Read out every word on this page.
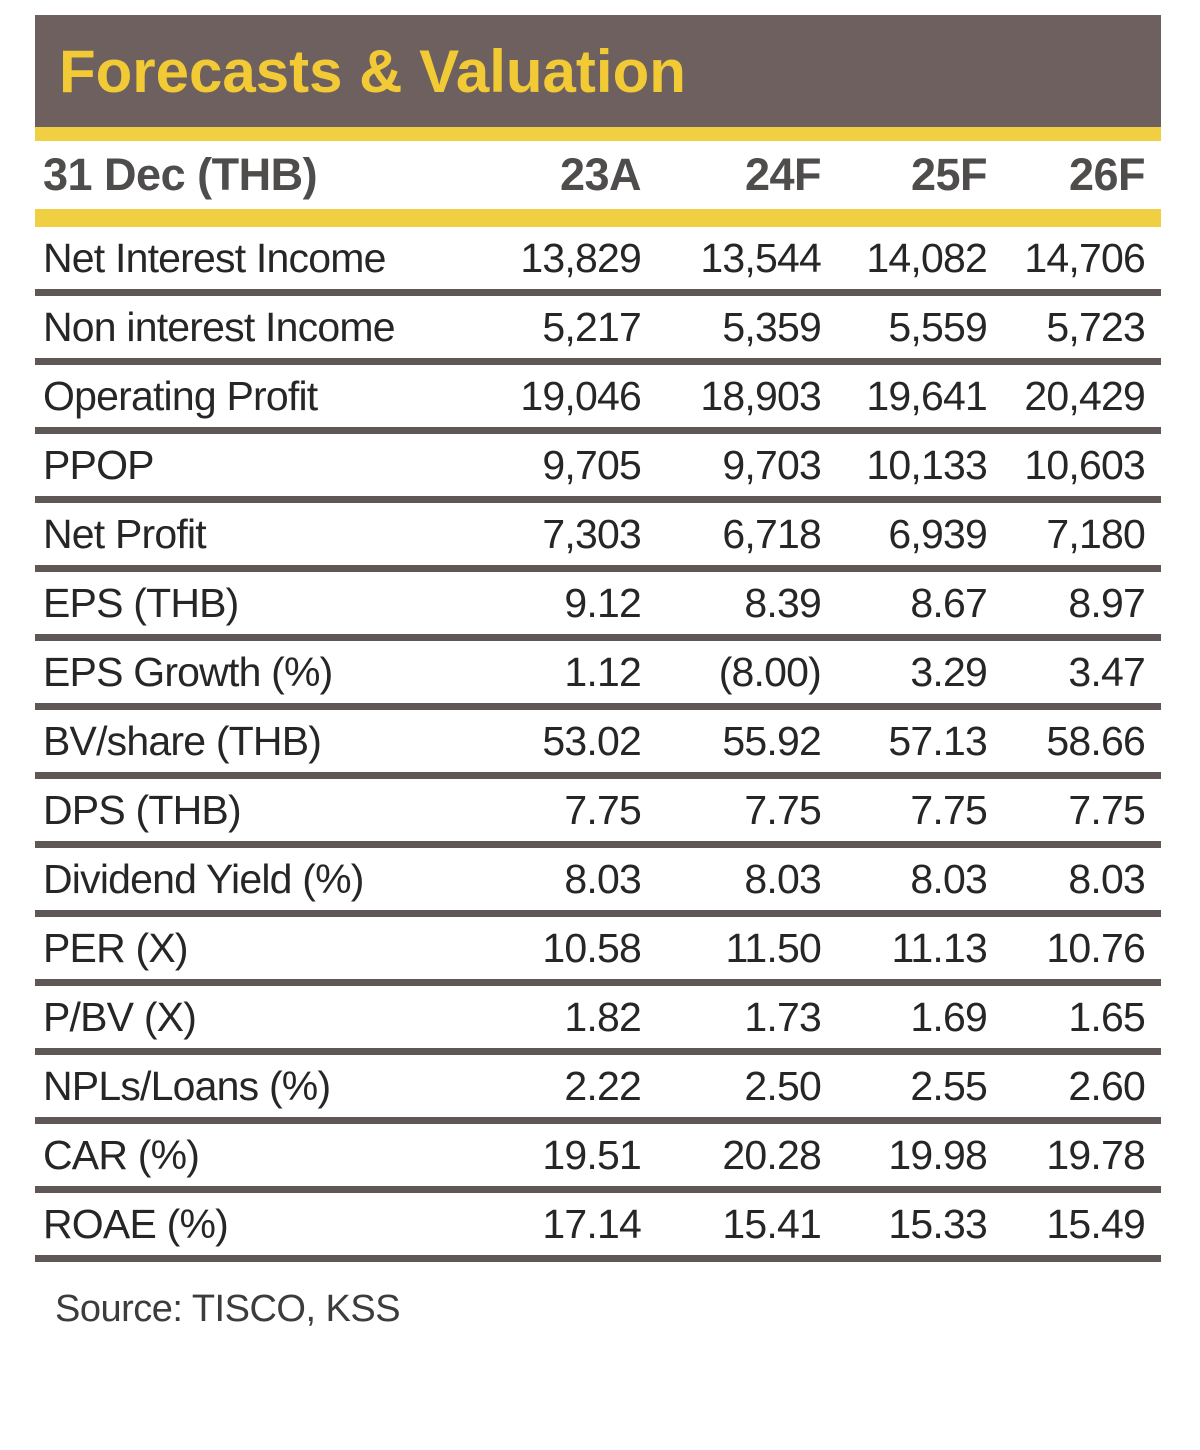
Forecasts & Valuation
31 Dec (THB)	23A	24F	25F	26F
Net Interest Income	13,829	13,544	14,082 14,706
Non interest Income	5,217	5,359	5,559	5,723
Operating Profit	19,046	18,903	19,641 20,429
PPOP	9,705	9,703	10,133 10,603
Net Profit	7,303	6,718	6,939	7,180
EPS (THB)	9.12	8.39	8.67	8.97
EPS Growth (%)	1.12	(8.00)	3.29	3.47
BV/share (THB)	53.02	55.92	57.13	58.66
DPS (THB)	7.75	7.75	7.75	7.75
Dividend Yield (%)	8.03	8.03	8.03	8.03
PER (X)	10.58	11.50	11.13	10.76
P/BV (X)	1.82	1.73	1.69	1.65
NPLs/Loans (%)	2.22	2.50	2.55	2.60
CAR (%)	19.51	20.28	19.98	19.78
ROAE (%)	17.14	15.41	15.33	15.49
Source: TISCO, KSS
